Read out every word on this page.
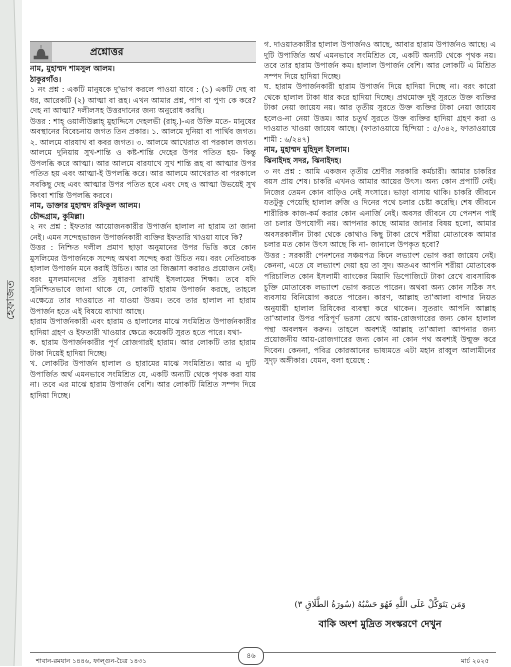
হেফাজত
প্রশ্নোত্তর

নাম, মুহাম্মদ শামসুল আলম।

ঠাকুরগাঁও।

১ নং প্রশ্ন : একটি মানুষকে দু'ভাগ করলে পাওয়া যাবে : (১) একটি দেহ বা ধর, আরেকটি (২) আত্মা বা রূহ। এখন আমার প্রশ্ন, পাপ বা পুণ্য কে করে? দেহ না আত্মা? দলীলসহ উত্তরদানের জন্য অনুরোধ করছি।

উত্তর : শাহ্ ওয়ালীউল্লাহ্ মুহাদ্দিসে দেহলভী (রাহ্.)-এর উক্তি মতে- মানুষের অবস্থানের বিবেচনায় জগত তিন প্রকার। ১. আলমে দুনিয়া বা পার্থিব জগত। ২. আলমে বারযাখ বা কবর জগত। ৩. আলমে আখেরাত বা পরকাল জগত। আলমে দুনিয়ায় সুখ-শান্তি ও কষ্ট-শান্তি দেহের উপর পতিত হয়- কিন্তু উপলব্ধি করে আত্মা। আর আলমে বারযাখে সুখ শান্তি রূহ বা আত্মার উপর পতিত হয় এবং আত্মা-ই উপলব্ধি করে। আর আলমে আখেরাত বা পরকালে সবকিছু দেহ এবং আত্মার উপর পতিত হবে এবং দেহ ও আত্মা উভয়েই সুখ কিংবা শান্তি উপলব্ধি করবে।

নাম, ডাক্তার মুহাম্মদ রফিকুল আলম।

চৌদ্দগ্রাম, কুমিল্লা।

২ নং প্রশ্ন : ইফতার আয়োজনকারীর উপার্জন হালাল না হারাম তা জানা নেই। এমন সন্দেহভাজন উপার্জনকারী ব্যক্তির ইফতারি খাওয়া যাবে কি?

উত্তর : নিশ্চিত দলীল প্রমাণ ছাড়া অনুমানের উপর ভিত্তি করে কোন মুসলিমের উপার্জনকে সন্দেহ অথবা সন্দেহ করা উচিত নয়। বরং নেতিবাচক হালাল উপার্জন মনে করাই উচিত। আর তা জিজ্ঞাসা করারও প্রয়োজন নেই। বরং মুসলমানদের প্রতি সুধারণা রাখাই ইসলামের শিক্ষা। তবে যদি সুনিশ্চিতভাবে জানা থাকে যে, লোকটি হারাম উপার্জন করছে, তাহলে এক্ষেত্রে তার দাওয়াতে না যাওয়া উত্তম। তবে তার হালাল না হারাম উপার্জন হতে এই বিষয়ে ব্যাখ্যা আছে।

হারাম উপার্জনকারী এবং হারাম ও হালালের মাঝে সংমিশ্রিত উপার্জনকারীর হাদিয়া গ্রহণ ও ইফতারী খাওয়ার ক্ষেত্রে কয়েকটি সুরত হতে পারে। যথা-

ক. হারাম উপার্জনকারীর পূর্ণ রোজগারই হারাম। আর লোকটি তার হারাম টাকা দিয়েই হাদিয়া দিচ্ছে।

খ. লোকটির উপার্জন হালাল ও হারামের মাঝে সংমিশ্রিত। আর এ দুটি উপার্জিত অর্থ এমনভাবে সংমিশ্রিত যে, একটি অন্যটি থেকে পৃথক করা যায় না। তবে এর মাঝে হারাম উপার্জন বেশি। আর লোকটি মিশ্রিত সম্পদ দিয়ে হাদিয়া দিচ্ছে।

গ. দাওয়াতকারীর হালাল উপার্জনও আছে, আবার হারাম উপার্জনও আছে। এ দুটি উপার্জিত অর্থ এমনভাবে সংমিশ্রিত যে, একটি অন্যটি থেকে পৃথক নয়। তবে তার হারাম উপার্জন কম। হালাল উপার্জন বেশি। আর লোকটি এ মিশ্রিত সম্পদ দিয়ে হাদিয়া দিচ্ছে।

ঘ. হারাম উপার্জনকারী হারাম উপার্জন দিয়ে হাদিয়া দিচ্ছে না। বরং কারো থেকে হালাল টাকা ধার করে হাদিয়া দিচ্ছে। প্রথমোক্ত দুই সুরতে উক্ত ব্যক্তির টাকা নেয়া জায়েয নয়। আর তৃতীয় সুরতে উক্ত ব্যক্তির টাকা নেয়া জায়েয হলেও-না নেয়া উত্তম। আর চতুর্থ সুরতে উক্ত ব্যক্তির হাদিয়া গ্রহণ করা ও দাওয়াত খাওয়া জায়েয আছে। (ফাতাওয়ায়ে হিন্দিয়া : ৫/৩৪২, ফাতাওয়ায়ে শামী : ৬/২৪৭)

নাম, মুহাম্মদ মুহিদুল ইসলাম।

ঝিনাইদহ সদর, ঝিনাইদহ।

৩ নং প্রশ্ন : আমি একজন তৃতীয় শ্রেণীর সরকারি কর্মচারী। আমার চাকরির বয়স প্রায় শেষ। চাকরি এখনও আমার আয়ের উৎস। অন্য কোন প্রপার্টি নেই। নিজের তেমন কোন বাড়িও নেই সংসারে। ভাড়া বাসায় থাকি। চাকরি জীবনে যতটুকু পেয়েছি হালাল রুজি ও দিনের পথে চলার চেষ্টা করেছি। শেষ জীবনে শারীরিক কাজ-কর্ম করার কোন এনার্জি নেই। অবসর জীবনে যে পেনশন পাই তা চলার উপযোগী নয়। আপনার কাছে আমার জানার বিষয় হলো, আমার অবসরকালীন টাকা থেকে কোথাও কিছু টাকা রেখে শরীয়া মোতাবেক আমার চলার মত কোন উৎস আছে কি না- জানালে উপকৃত হবো?

উত্তর : সরকারী পেনশনের সঞ্চয়পত্র কিনে লভ্যাংশ ভোগ করা জায়েয নেই। কেননা, এতে যে লভ্যাংশ দেয়া হয় তা সুদ। অতএব আপনি শরীয়া মোতাবেক পরিচালিত কোন ইসলামী ব্যাংকের মিয়াদি ডিপোজিটে টাকা রেখে ব্যবসায়িক চুক্তি মোতাবেক লভ্যাংশ ভোগ করতে পারেন। অথবা অন্য কোন সঠিক সৎ ব্যবসায় বিনিয়োগ করতে পারেন। কারণ, আল্লাহ তা'আলা বান্দার নিয়ত অনুযায়ী হালাল রিযিকের ব্যবস্থা করে থাকেন। সুতরাং আপনি আল্লাহ তা'আলার উপর পরিপূর্ণ ভরসা রেখে আয়-রোজগারের জন্য কোন হালাল পন্থা অবলম্বন করুন। তাহলে অবশ্যই আল্লাহ তা'আলা আপনার জন্য প্রয়োজনীয় আয়-রোজগারের জন্য কোন না কোন পথ অবশ্যই উন্মুক্ত করে দিবেন। কেননা, পবিত্র কোরআনের ভাষ্যমতে এটা মহান রাব্বুল আলামীনের সুদৃঢ় অঙ্গীকার। যেমন, বলা হয়েছে :

وَمَن يَتَوَكَّلْ عَلَى اللَّهِ فَهُوَ حَسْبُهُ (سُورَةُ الطَّلَاقِ ٣)
বাকি অংশ মুদ্রিত সংস্করণে দেখুন
শাবান-রমযান ১৪৪৬, ফাল্গুন-চৈত্র ১৪৩১
৪৬
মার্চ ২০২৫
